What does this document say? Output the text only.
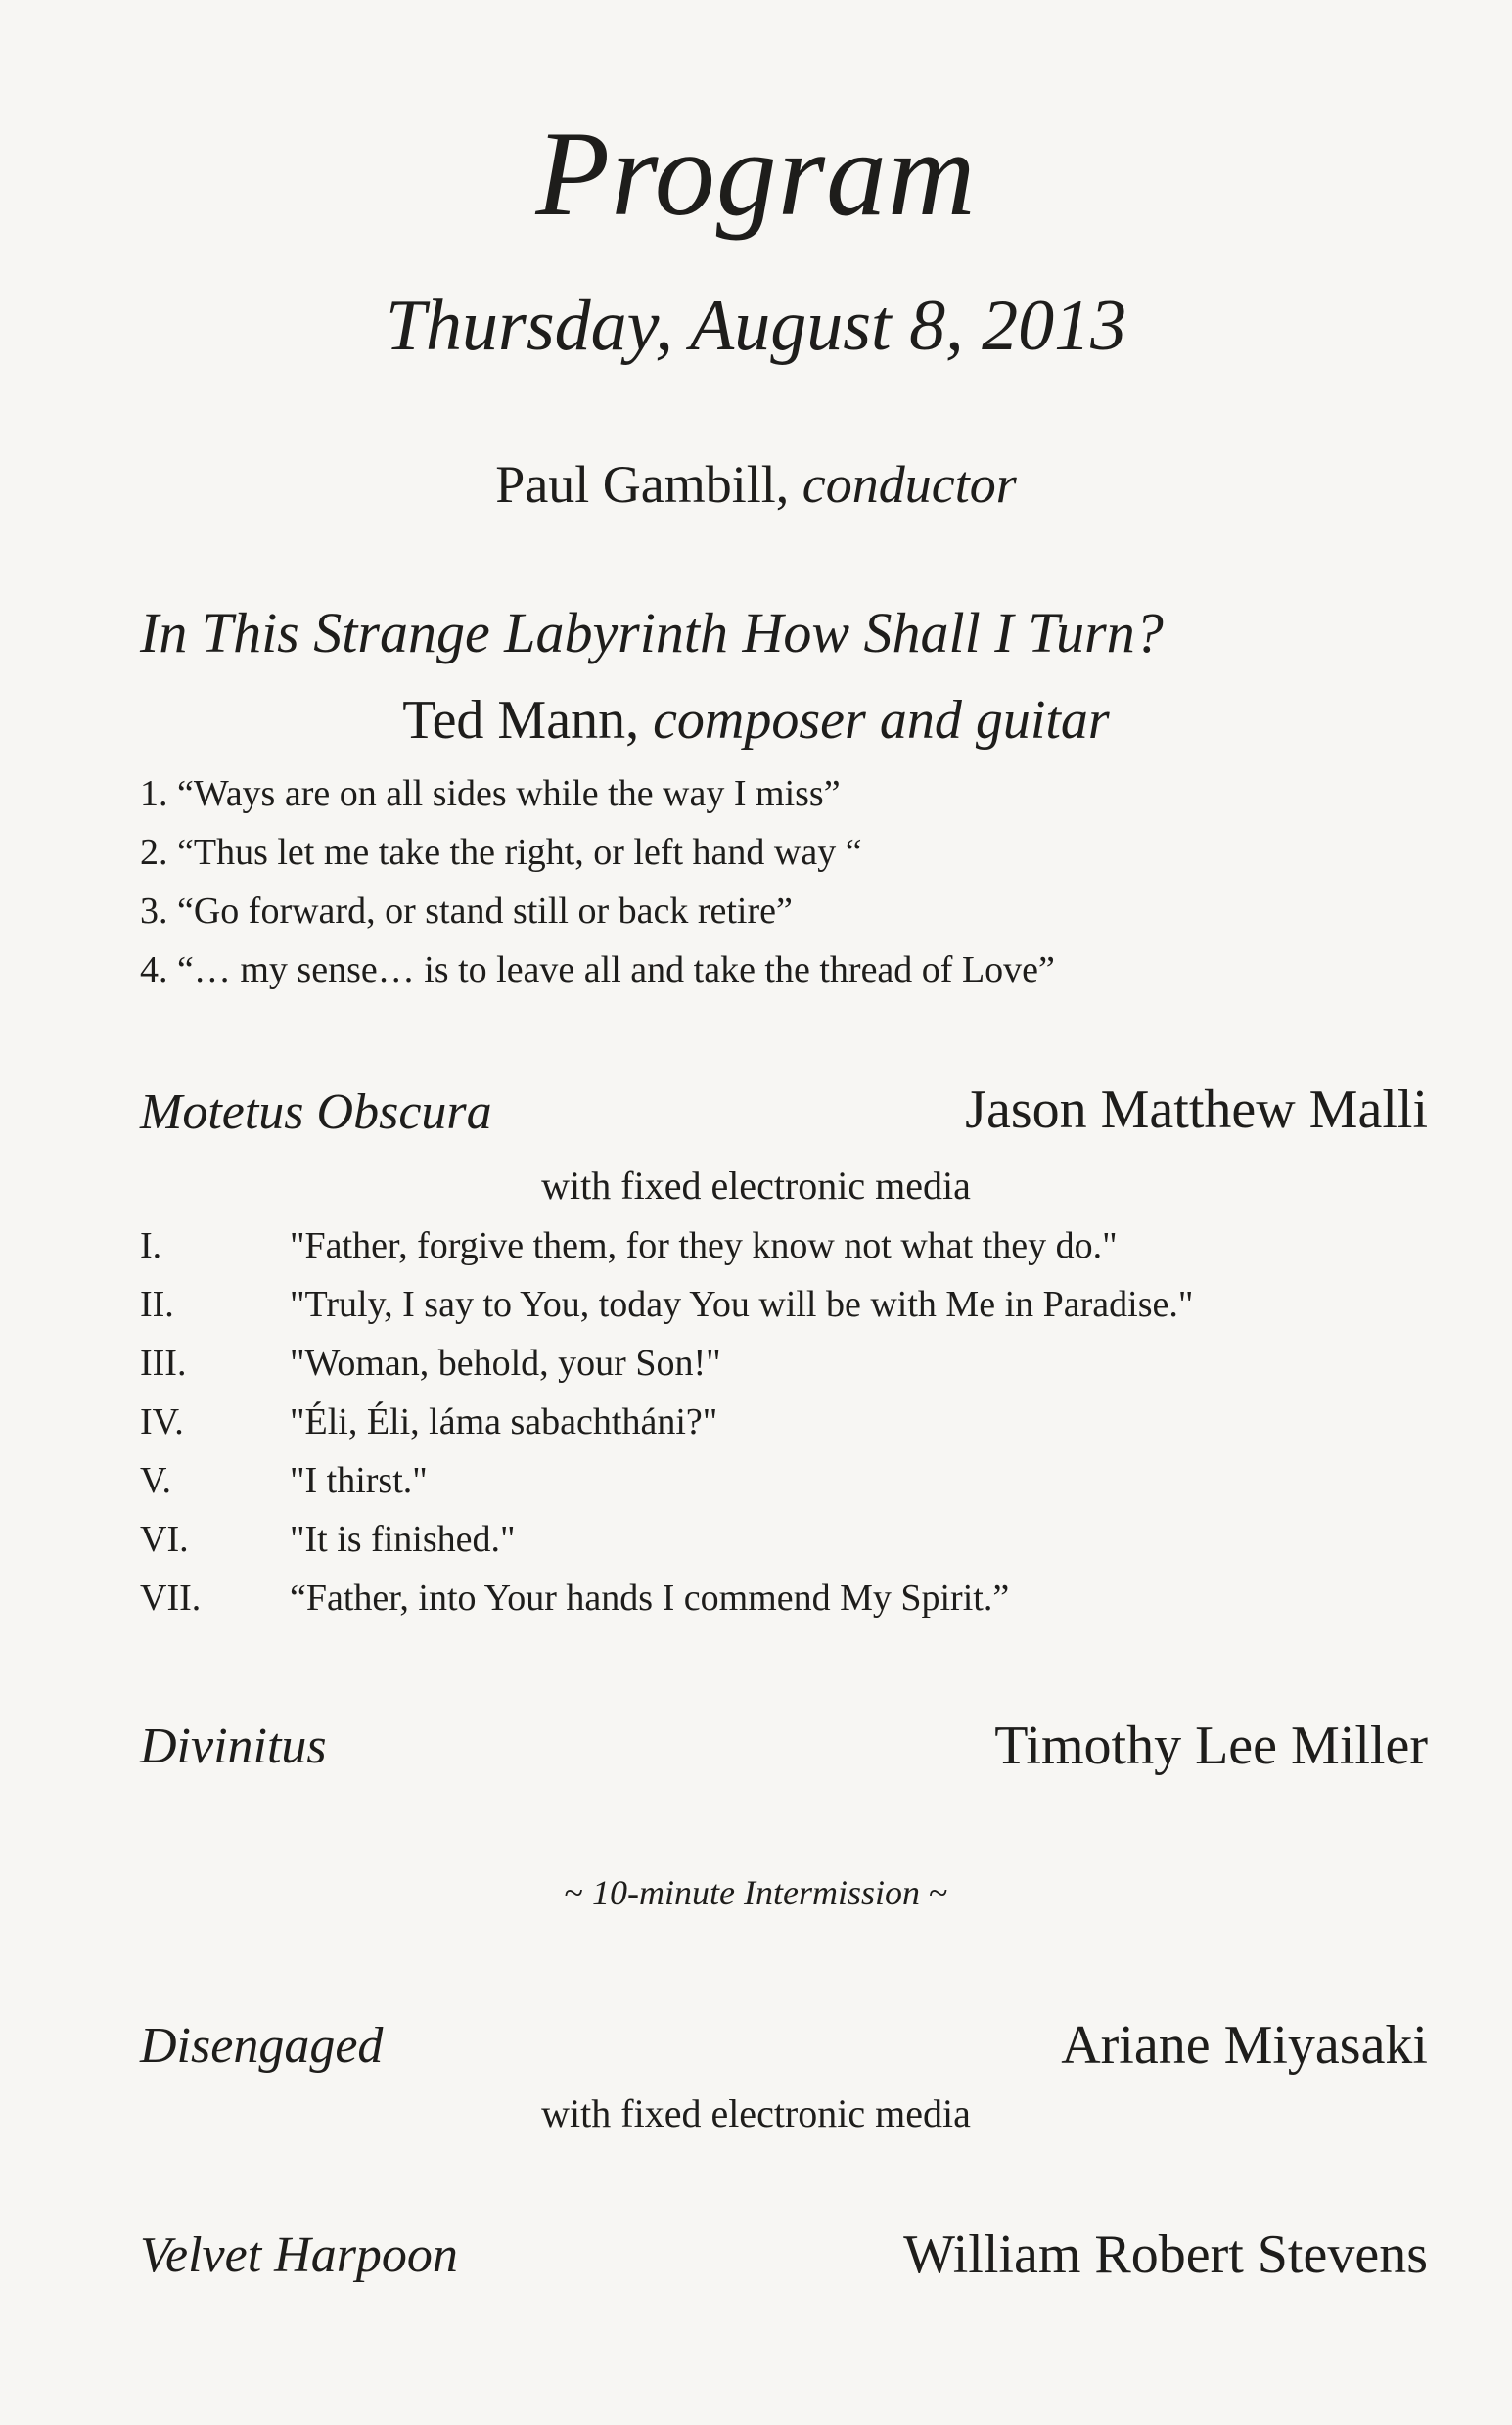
Program
Thursday, August 8, 2013
Paul Gambill, conductor
In This Strange Labyrinth How Shall I Turn?
Ted Mann, composer and guitar
1. “Ways are on all sides while the way I miss”
2. “Thus let me take the right, or left hand way “
3. “Go forward, or stand still or back retire”
4. “… my sense… is to leave all and take the thread of Love”
Motetus Obscura	Jason Matthew Malli
with fixed electronic media
I.	"Father, forgive them, for they know not what they do."
II.	"Truly, I say to You, today You will be with Me in Paradise."
III.	"Woman, behold, your Son!"
IV.	"Éli, Éli, láma sabachtháni?"
V.	"I thirst."
VI.	"It is finished."
VII. “Father, into Your hands I commend My Spirit.”
Divinitus	Timothy Lee Miller
~ 10-minute Intermission ~
Disengaged	Ariane Miyasaki
with fixed electronic media
Velvet Harpoon	William Robert Stevens
